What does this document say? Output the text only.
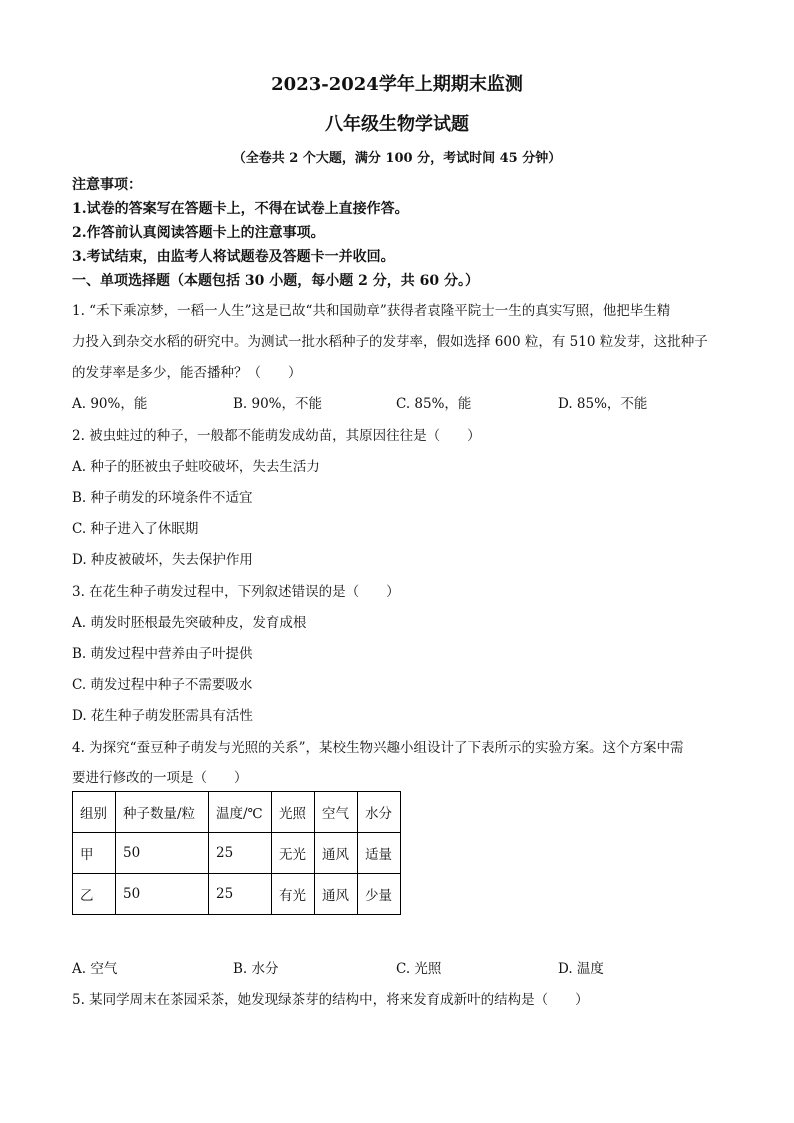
2023-2024学年上期期末监测
八年级生物学试题
（全卷共 2 个大题，满分 100 分，考试时间 45 分钟）
注意事项：
1.试卷的答案写在答题卡上，不得在试卷上直接作答。
2.作答前认真阅读答题卡上的注意事项。
3.考试结束，由监考人将试题卷及答题卡一并收回。
一、单项选择题（本题包括 30 小题，每小题 2 分，共 60 分。）
1. “禾下乘凉梦，一稻一人生”这是已故“共和国勋章”获得者袁隆平院士一生的真实写照，他把毕生精
力投入到杂交水稻的研究中。为测试一批水稻种子的发芽率，假如选择 600 粒，有 510 粒发芽，这批种子
的发芽率是多少，能否播种？（　　）
A. 90%，能	B. 90%，不能	C. 85%，能	D. 85%，不能
2. 被虫蛀过的种子，一般都不能萌发成幼苗，其原因往往是（　　）
A. 种子的胚被虫子蛀咬破坏，失去生活力
B. 种子萌发的环境条件不适宜
C. 种子进入了休眠期
D. 种皮被破坏，失去保护作用
3. 在花生种子萌发过程中，下列叙述错误的是（　　）
A. 萌发时胚根最先突破种皮，发育成根
B. 萌发过程中营养由子叶提供
C. 萌发过程中种子不需要吸水
D. 花生种子萌发胚需具有活性
4. 为探究“蚕豆种子萌发与光照的关系”，某校生物兴趣小组设计了下表所示的实验方案。这个方案中需
要进行修改的一项是（　　）
组别	种子数量/粒	温度/℃	光照	空气	水分
甲	50	25	无光	通风	适量
乙	50	25	有光	通风	少量
A. 空气	B. 水分	C. 光照	D. 温度
5. 某同学周末在茶园采茶，她发现绿茶芽的结构中，将来发育成新叶的结构是（　　）
